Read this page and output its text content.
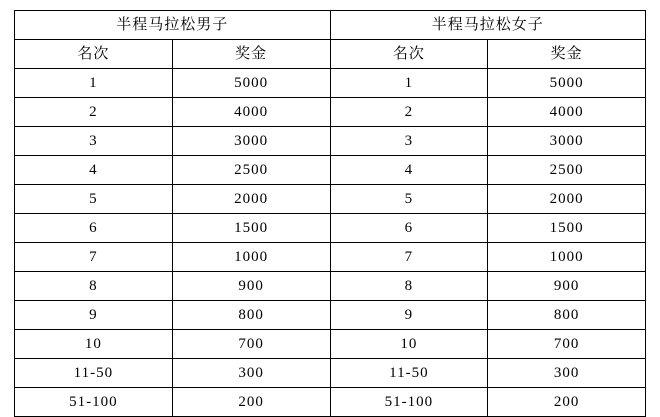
半程马拉松男子		半程马拉松女子	
名次	奖金	名次	奖金
1	5000	1	5000
2	4000	2	4000
3	3000	3	3000
4	2500	4	2500
5	2000	5	2000
6	1500	6	1500
7	1000	7	1000
8	900	8	900
9	800	9	800
10	700	10	700
11-50	300	11-50	300
51-100	200	51-100	200
